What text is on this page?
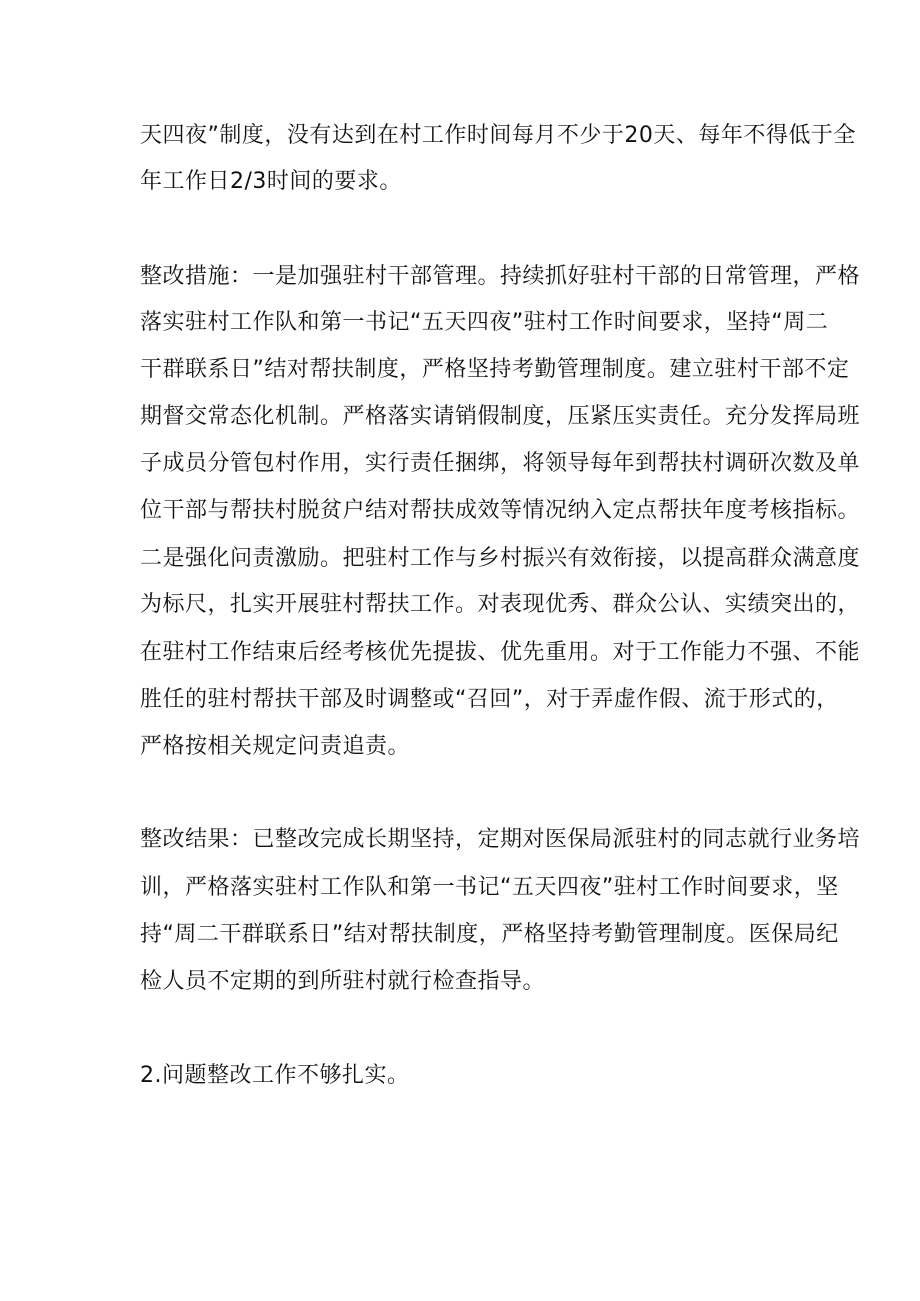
天四夜”制度，没有达到在村工作时间每月不少于20天、每年不得低于全
年工作日2/3时间的要求。
整改措施：一是加强驻村干部管理。持续抓好驻村干部的日常管理，严格
落实驻村工作队和第一书记“五天四夜”驻村工作时间要求，坚持“周二
干群联系日”结对帮扶制度，严格坚持考勤管理制度。建立驻村干部不定
期督交常态化机制。严格落实请销假制度，压紧压实责任。充分发挥局班
子成员分管包村作用，实行责任捆绑，将领导每年到帮扶村调研次数及单
位干部与帮扶村脱贫户结对帮扶成效等情况纳入定点帮扶年度考核指标。
二是强化问责激励。把驻村工作与乡村振兴有效衔接，以提高群众满意度
为标尺，扎实开展驻村帮扶工作。对表现优秀、群众公认、实绩突出的，
在驻村工作结束后经考核优先提拔、优先重用。对于工作能力不强、不能
胜任的驻村帮扶干部及时调整或“召回”，对于弄虚作假、流于形式的，
严格按相关规定问责追责。
整改结果：已整改完成长期坚持，定期对医保局派驻村的同志就行业务培
训，严格落实驻村工作队和第一书记“五天四夜”驻村工作时间要求，坚
持“周二干群联系日”结对帮扶制度，严格坚持考勤管理制度。医保局纪
检人员不定期的到所驻村就行检查指导。
2.问题整改工作不够扎实。
